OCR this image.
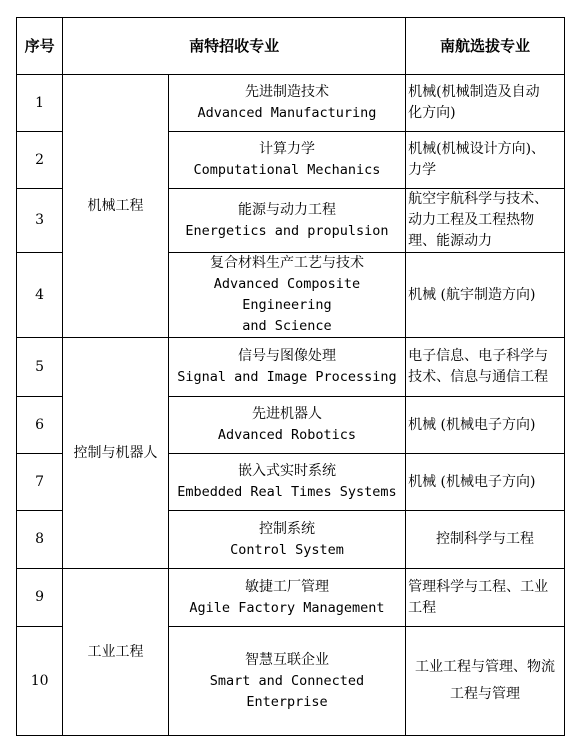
序号	南特招收专业		南航选拔专业
1	机械工程	先进制造技术
Advanced Manufacturing	机械(机械制造及自动
化方向)

2		计算力学
Computational Mechanics	机械(机械设计方向)、
力学

3		能源与动力工程
Energetics and propulsion	航空宇航科学与技术、
动力工程及工程热物
理、能源动力

4		复合材料生产工艺与技术
Advanced Composite Engineering
and Science	机械 (航宇制造方向)

5	控制与机器人	信号与图像处理
Signal and Image Processing	电子信息、电子科学与
技术、信息与通信工程

6		先进机器人
Advanced Robotics	机械 (机械电子方向)

7		嵌入式实时系统
Embedded Real Times Systems	机械 (机械电子方向)

8		控制系统
Control System	控制科学与工程

9	工业工程	敏捷工厂管理
Agile Factory Management	管理科学与工程、工业
工程

10		智慧互联企业
Smart and Connected
Enterprise	工业工程与管理、物流
工程与管理
